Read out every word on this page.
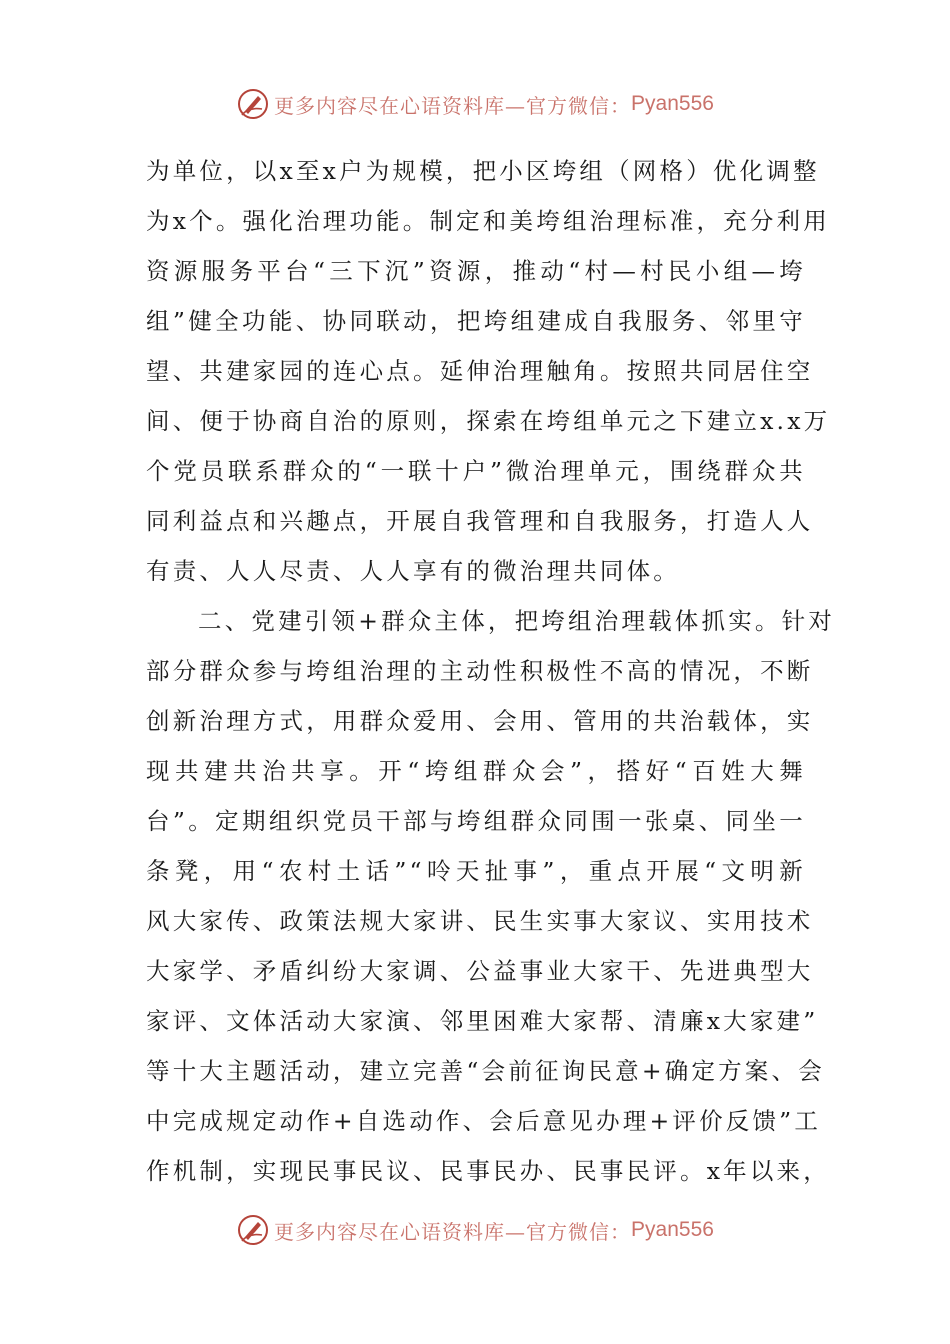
更多内容尽在心语资料库—官方微信： Pyan556

为单位，以x至x户为规模，把小区垮组（网格）优化调整
为x个。强化治理功能。制定和美垮组治理标准，充分利用
资源服务平台“三下沉”资源，推动“村—村民小组—垮
组”健全功能、协同联动，把垮组建成自我服务、邻里守
望、共建家园的连心点。延伸治理触角。按照共同居住空
间、便于协商自治的原则，探索在垮组单元之下建立x.x万
个党员联系群众的“一联十户”微治理单元，围绕群众共
同利益点和兴趣点，开展自我管理和自我服务，打造人人
有责、人人尽责、人人享有的微治理共同体。

二、党建引领+群众主体，把垮组治理载体抓实。针对
部分群众参与垮组治理的主动性积极性不高的情况，不断
创新治理方式，用群众爱用、会用、管用的共治载体，实
现共建共治共享。开“垮组群众会”，搭好“百姓大舞
台”。定期组织党员干部与垮组群众同围一张桌、同坐一
条凳，用“农村土话”“呤天扯事”，重点开展“文明新
风大家传、政策法规大家讲、民生实事大家议、实用技术
大家学、矛盾纠纷大家调、公益事业大家干、先进典型大
家评、文体活动大家演、邻里困难大家帮、清廉x大家建”
等十大主题活动，建立完善“会前征询民意+确定方案、会
中完成规定动作+自选动作、会后意见办理+评价反馈”工
作机制，实现民事民议、民事民办、民事民评。x年以来，

更多内容尽在心语资料库—官方微信： Pyan556
